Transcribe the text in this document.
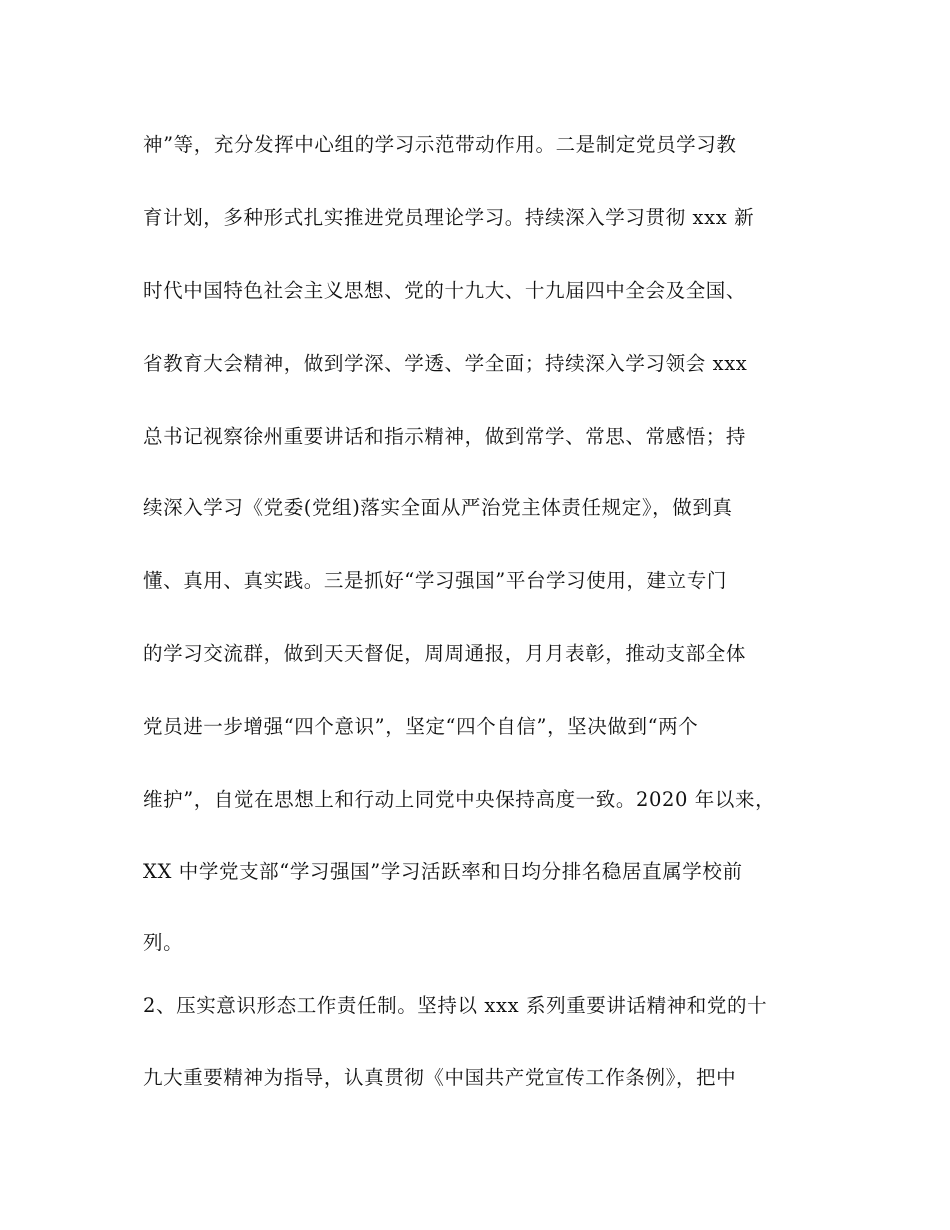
神”等，充分发挥中心组的学习示范带动作用。二是制定党员学习教
育计划，多种形式扎实推进党员理论学习。持续深入学习贯彻 xxx 新
时代中国特色社会主义思想、党的十九大、十九届四中全会及全国、
省教育大会精神，做到学深、学透、学全面；持续深入学习领会 xxx
总书记视察徐州重要讲话和指示精神，做到常学、常思、常感悟；持
续深入学习《党委(党组)落实全面从严治党主体责任规定》，做到真
懂、真用、真实践。三是抓好“学习强国”平台学习使用，建立专门
的学习交流群，做到天天督促，周周通报，月月表彰，推动支部全体
党员进一步增强“四个意识”，坚定“四个自信”，坚决做到“两个
维护”，自觉在思想上和行动上同党中央保持高度一致。2020 年以来，
XX 中学党支部“学习强国”学习活跃率和日均分排名稳居直属学校前
列。
2、压实意识形态工作责任制。坚持以 xxx 系列重要讲话精神和党的十
九大重要精神为指导，认真贯彻《中国共产党宣传工作条例》，把中
